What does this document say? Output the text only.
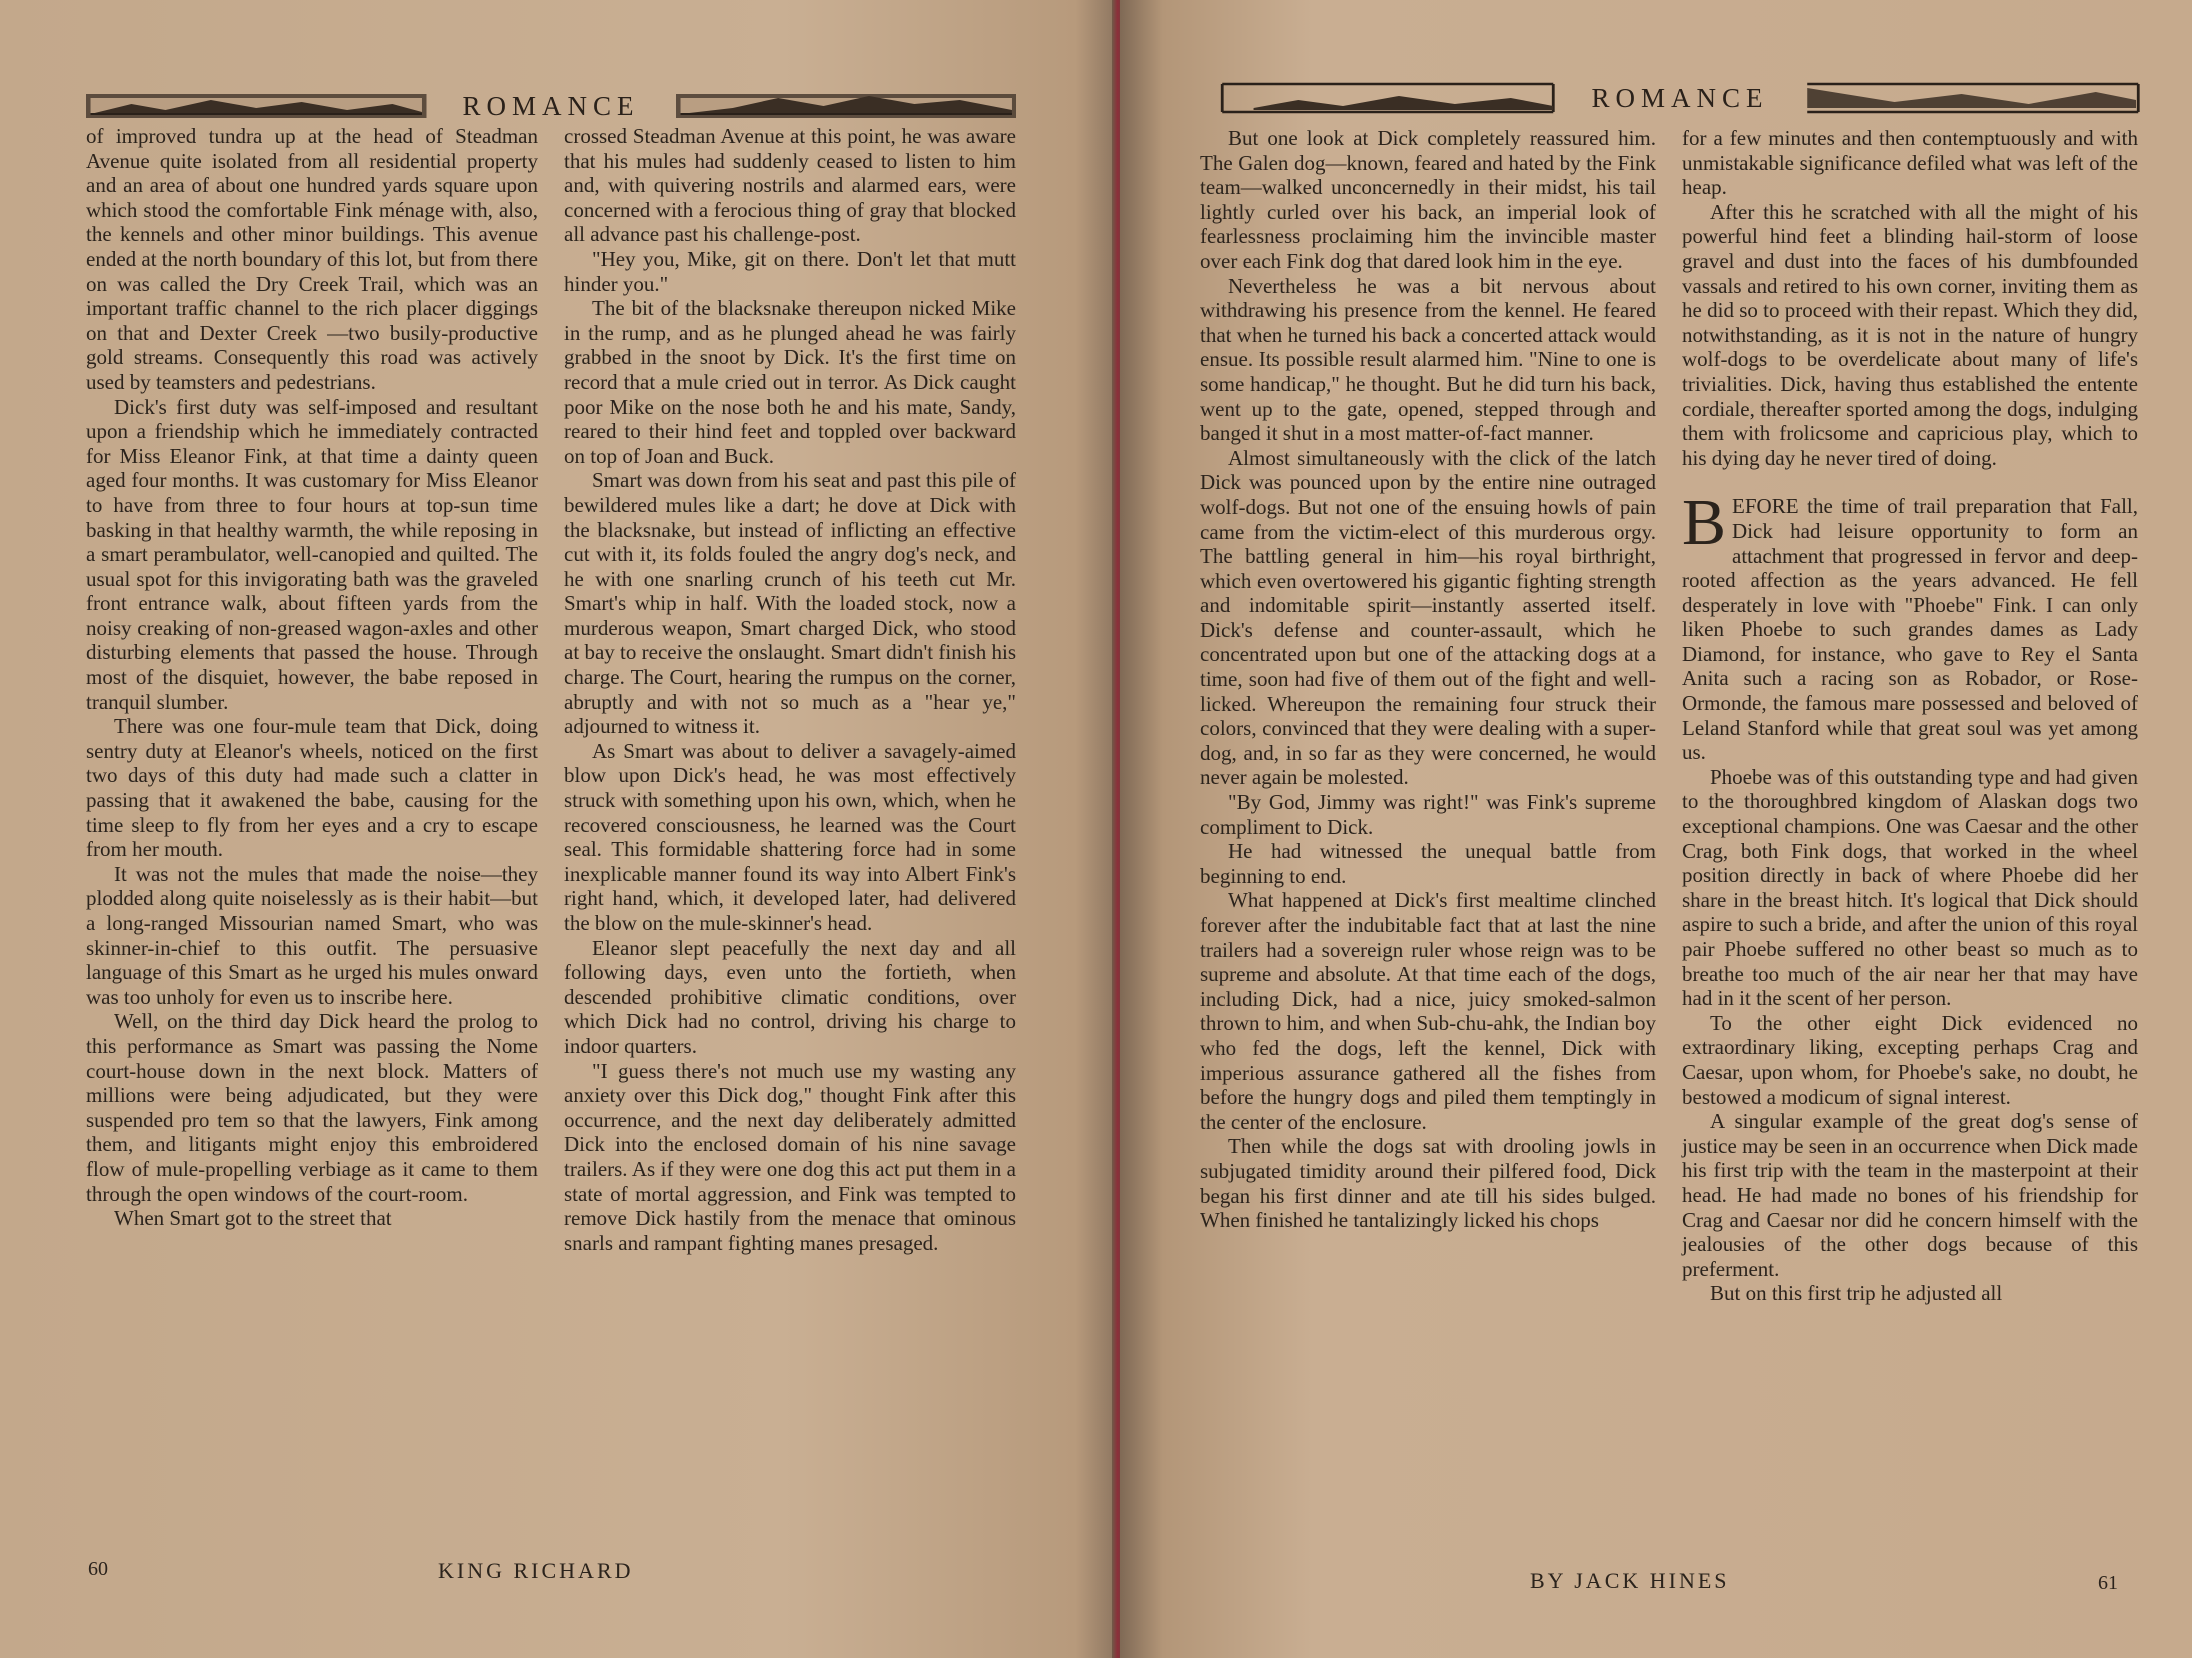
ROMANCE

of improved tundra up at the head of Steadman Avenue quite isolated from all residential property and an area of about one hundred yards square upon which stood the comfortable Fink ménage with, also, the kennels and other minor buildings. This avenue ended at the north boundary of this lot, but from there on was called the Dry Creek Trail, which was an important traffic channel to the rich placer diggings on that and Dexter Creek —two busily-productive gold streams. Consequently this road was actively used by teamsters and pedestrians.

Dick's first duty was self-imposed and resultant upon a friendship which he immediately contracted for Miss Eleanor Fink, at that time a dainty queen aged four months. It was customary for Miss Eleanor to have from three to four hours at top-sun time basking in that healthy warmth, the while reposing in a smart perambulator, well-canopied and quilted. The usual spot for this invigorating bath was the graveled front entrance walk, about fifteen yards from the noisy creaking of non-greased wagon-axles and other disturbing elements that passed the house. Through most of the disquiet, however, the babe reposed in tranquil slumber.

There was one four-mule team that Dick, doing sentry duty at Eleanor's wheels, noticed on the first two days of this duty had made such a clatter in passing that it awakened the babe, causing for the time sleep to fly from her eyes and a cry to escape from her mouth.

It was not the mules that made the noise—they plodded along quite noiselessly as is their habit—but a long-ranged Missourian named Smart, who was skinner-in-chief to this outfit. The persuasive language of this Smart as he urged his mules onward was too unholy for even us to inscribe here.

Well, on the third day Dick heard the prolog to this performance as Smart was passing the Nome court-house down in the next block. Matters of millions were being adjudicated, but they were suspended pro tem so that the lawyers, Fink among them, and litigants might enjoy this embroidered flow of mule-propelling verbiage as it came to them through the open windows of the court-room.

When Smart got to the street that

crossed Steadman Avenue at this point, he was aware that his mules had suddenly ceased to listen to him and, with quivering nostrils and alarmed ears, were concerned with a ferocious thing of gray that blocked all advance past his challenge-post.

"Hey you, Mike, git on there. Don't let that mutt hinder you."

The bit of the blacksnake thereupon nicked Mike in the rump, and as he plunged ahead he was fairly grabbed in the snoot by Dick. It's the first time on record that a mule cried out in terror. As Dick caught poor Mike on the nose both he and his mate, Sandy, reared to their hind feet and toppled over backward on top of Joan and Buck.

Smart was down from his seat and past this pile of bewildered mules like a dart; he dove at Dick with the blacksnake, but instead of inflicting an effective cut with it, its folds fouled the angry dog's neck, and he with one snarling crunch of his teeth cut Mr. Smart's whip in half. With the loaded stock, now a murderous weapon, Smart charged Dick, who stood at bay to receive the onslaught. Smart didn't finish his charge. The Court, hearing the rumpus on the corner, abruptly and with not so much as a "hear ye," adjourned to witness it.

As Smart was about to deliver a savagely-aimed blow upon Dick's head, he was most effectively struck with something upon his own, which, when he recovered consciousness, he learned was the Court seal. This formidable shattering force had in some inexplicable manner found its way into Albert Fink's right hand, which, it developed later, had delivered the blow on the mule-skinner's head.

Eleanor slept peacefully the next day and all following days, even unto the fortieth, when descended prohibitive climatic conditions, over which Dick had no control, driving his charge to indoor quarters.

"I guess there's not much use my wasting any anxiety over this Dick dog," thought Fink after this occurrence, and the next day deliberately admitted Dick into the enclosed domain of his nine savage trailers. As if they were one dog this act put them in a state of mortal aggression, and Fink was tempted to remove Dick hastily from the menace that ominous snarls and rampant fighting manes presaged.

60	KING RICHARD
ROMANCE

But one look at Dick completely reassured him. The Galen dog—known, feared and hated by the Fink team—walked unconcernedly in their midst, his tail lightly curled over his back, an imperial look of fearlessness proclaiming him the invincible master over each Fink dog that dared look him in the eye.

Nevertheless he was a bit nervous about withdrawing his presence from the kennel. He feared that when he turned his back a concerted attack would ensue. Its possible result alarmed him. "Nine to one is some handicap," he thought. But he did turn his back, went up to the gate, opened, stepped through and banged it shut in a most matter-of-fact manner.

Almost simultaneously with the click of the latch Dick was pounced upon by the entire nine outraged wolf-dogs. But not one of the ensuing howls of pain came from the victim-elect of this murderous orgy. The battling general in him—his royal birthright, which even overtowered his gigantic fighting strength and indomitable spirit—instantly asserted itself. Dick's defense and counter-assault, which he concentrated upon but one of the attacking dogs at a time, soon had five of them out of the fight and well-licked. Whereupon the remaining four struck their colors, convinced that they were dealing with a super-dog, and, in so far as they were concerned, he would never again be molested.

"By God, Jimmy was right!" was Fink's supreme compliment to Dick.

He had witnessed the unequal battle from beginning to end.

What happened at Dick's first mealtime clinched forever after the indubitable fact that at last the nine trailers had a sovereign ruler whose reign was to be supreme and absolute. At that time each of the dogs, including Dick, had a nice, juicy smoked-salmon thrown to him, and when Sub-chu-ahk, the Indian boy who fed the dogs, left the kennel, Dick with imperious assurance gathered all the fishes from before the hungry dogs and piled them temptingly in the center of the enclosure.

Then while the dogs sat with drooling jowls in subjugated timidity around their pilfered food, Dick began his first dinner and ate till his sides bulged. When finished he tantalizingly licked his chops

for a few minutes and then contemptuously and with unmistakable significance defiled what was left of the heap.

After this he scratched with all the might of his powerful hind feet a blinding hail-storm of loose gravel and dust into the faces of his dumbfounded vassals and retired to his own corner, inviting them as he did so to proceed with their repast. Which they did, notwithstanding, as it is not in the nature of hungry wolf-dogs to be overdelicate about many of life's trivialities. Dick, having thus established the entente cordiale, thereafter sported among the dogs, indulging them with frolicsome and capricious play, which to his dying day he never tired of doing.

BEFORE the time of trail preparation that Fall, Dick had leisure opportunity to form an attachment that progressed in fervor and deep-rooted affection as the years advanced. He fell desperately in love with "Phoebe" Fink. I can only liken Phoebe to such grandes dames as Lady Diamond, for instance, who gave to Rey el Santa Anita such a racing son as Robador, or Rose-Ormonde, the famous mare possessed and beloved of Leland Stanford while that great soul was yet among us.

Phoebe was of this outstanding type and had given to the thoroughbred kingdom of Alaskan dogs two exceptional champions. One was Caesar and the other Crag, both Fink dogs, that worked in the wheel position directly in back of where Phoebe did her share in the breast hitch. It's logical that Dick should aspire to such a bride, and after the union of this royal pair Phoebe suffered no other beast so much as to breathe too much of the air near her that may have had in it the scent of her person.

To the other eight Dick evidenced no extraordinary liking, excepting perhaps Crag and Caesar, upon whom, for Phoebe's sake, no doubt, he bestowed a modicum of signal interest.

A singular example of the great dog's sense of justice may be seen in an occurrence when Dick made his first trip with the team in the masterpoint at their head. He had made no bones of his friendship for Crag and Caesar nor did he concern himself with the jealousies of the other dogs because of this preferment.

But on this first trip he adjusted all

BY JACK HINES	61
